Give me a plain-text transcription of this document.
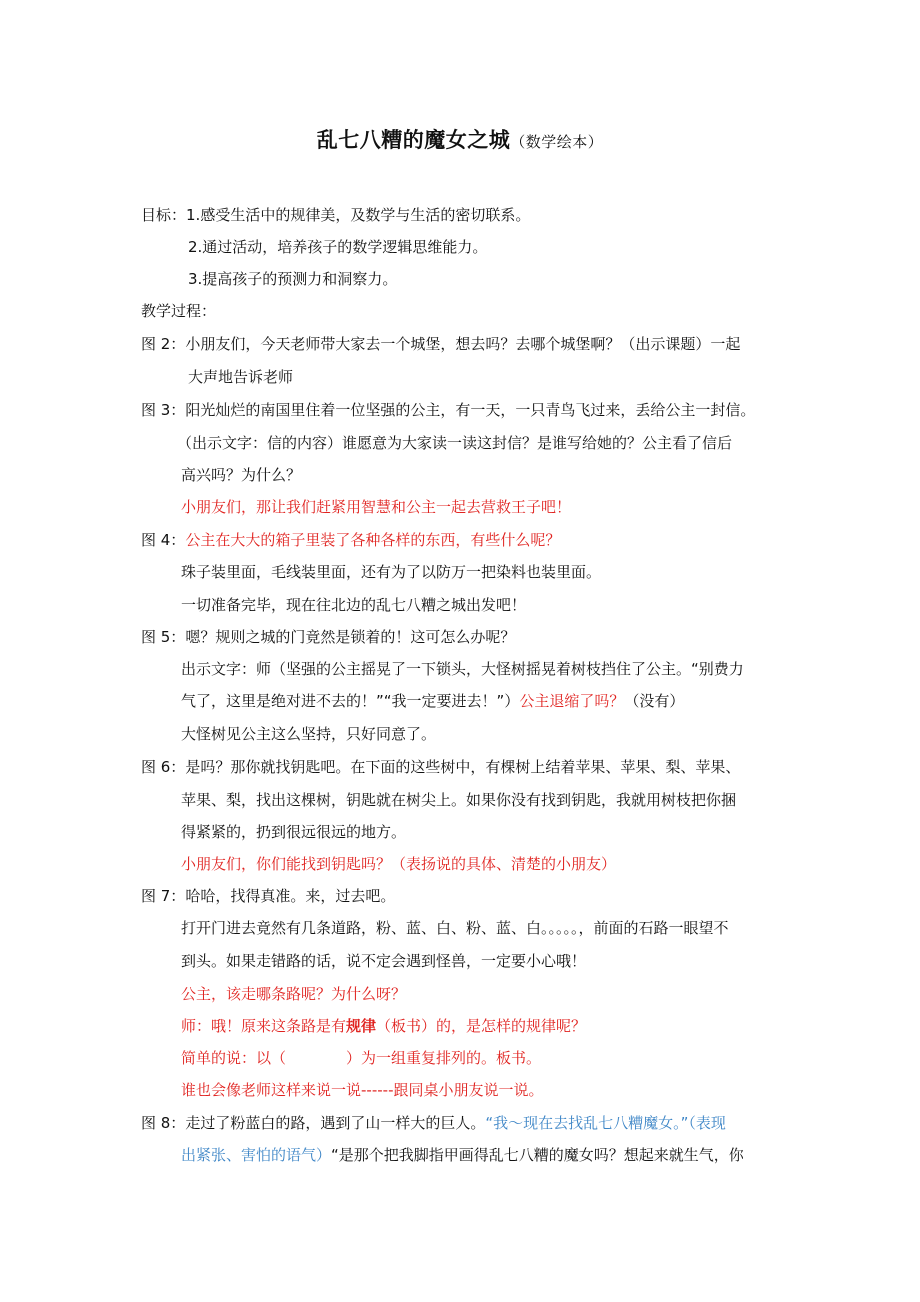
乱七八糟的魔女之城（数学绘本）
目标：1.感受生活中的规律美，及数学与生活的密切联系。
2.通过活动，培养孩子的数学逻辑思维能力。
3.提高孩子的预测力和洞察力。
教学过程：
图 2：小朋友们，今天老师带大家去一个城堡，想去吗？去哪个城堡啊？（出示课题）一起
大声地告诉老师
图 3：阳光灿烂的南国里住着一位坚强的公主，有一天，一只青鸟飞过来，丢给公主一封信。
（出示文字：信的内容）谁愿意为大家读一读这封信？是谁写给她的？公主看了信后
高兴吗？为什么？
小朋友们，那让我们赶紧用智慧和公主一起去营救王子吧！
图 4：公主在大大的箱子里装了各种各样的东西，有些什么呢？
珠子装里面，毛线装里面，还有为了以防万一把染料也装里面。
一切准备完毕，现在往北边的乱七八糟之城出发吧！
图 5：嗯？规则之城的门竟然是锁着的！这可怎么办呢？
出示文字：师（坚强的公主摇晃了一下锁头，大怪树摇晃着树枝挡住了公主。“别费力
气了，这里是绝对进不去的！”“我一定要进去！”）公主退缩了吗？（没有）
大怪树见公主这么坚持，只好同意了。
图 6：是吗？那你就找钥匙吧。在下面的这些树中，有棵树上结着苹果、苹果、梨、苹果、
苹果、梨，找出这棵树，钥匙就在树尖上。如果你没有找到钥匙，我就用树枝把你捆
得紧紧的，扔到很远很远的地方。
小朋友们，你们能找到钥匙吗？（表扬说的具体、清楚的小朋友）
图 7：哈哈，找得真准。来，过去吧。
打开门进去竟然有几条道路，粉、蓝、白、粉、蓝、白。。。。。，前面的石路一眼望不
到头。如果走错路的话，说不定会遇到怪兽，一定要小心哦！
公主，该走哪条路呢？为什么呀？
师：哦！原来这条路是有规律（板书）的，是怎样的规律呢？
简单的说：以（　　　　）为一组重复排列的。板书。
谁也会像老师这样来说一说------跟同桌小朋友说一说。
图 8：走过了粉蓝白的路，遇到了山一样大的巨人。“我～现在去找乱七八糟魔女。”（表现
出紧张、害怕的语气）“是那个把我脚指甲画得乱七八糟的魔女吗？想起来就生气，你
